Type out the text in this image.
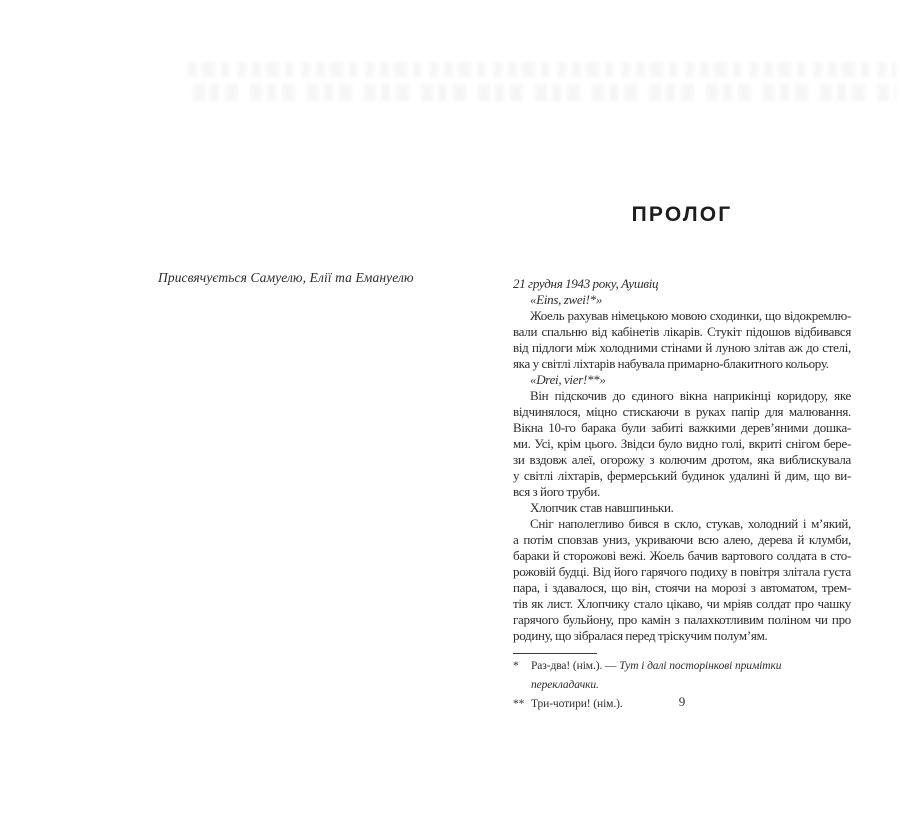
Присвячується Самуелю, Елії та Емануелю

ПРОЛОГ
21 грудня 1943 року, Аушвіц
«Eins, zwei!*»
Жоель рахував німецькою мовою сходинки, що відокремлю-
вали спальню від кабінетів лікарів. Стукіт підошов відбивався
від підлоги між холодними стінами й луною злітав аж до стелі,
яка у світлі ліхтарів набувала примарно-блакитного кольору.
«Drei, vier!**»
Він підскочив до єдиного вікна наприкінці коридору, яке
відчинялося, міцно стискаючи в руках папір для малювання.
Вікна 10-го барака були забиті важкими дерев’яними дошка-
ми. Усі, крім цього. Звідси було видно голі, вкриті снігом бере-
зи вздовж алеї, огорожу з колючим дротом, яка виблискувала
у світлі ліхтарів, фермерський будинок удалині й дим, що ви-
вся з його труби.
Хлопчик став навшпиньки.
Сніг наполегливо бився в скло, стукав, холодний і м’який,
а потім сповзав униз, укриваючи всю алею, дерева й клумби,
бараки й сторожові вежі. Жоель бачив вартового солдата в сто-
рожовій будці. Від його гарячого подиху в повітря злітала густа
пара, і здавалося, що він, стоячи на морозі з автоматом, трем-
тів як лист. Хлопчику стало цікаво, чи мріяв солдат про чашку
гарячого бульйону, про камін з палахкотливим поліном чи про
родину, що зібралася перед тріскучим полум’ям.
* Раз-два! (нім.). — Тут і далі посторінкові примітки перекладачки.
** Три-чотири! (нім.).	9
